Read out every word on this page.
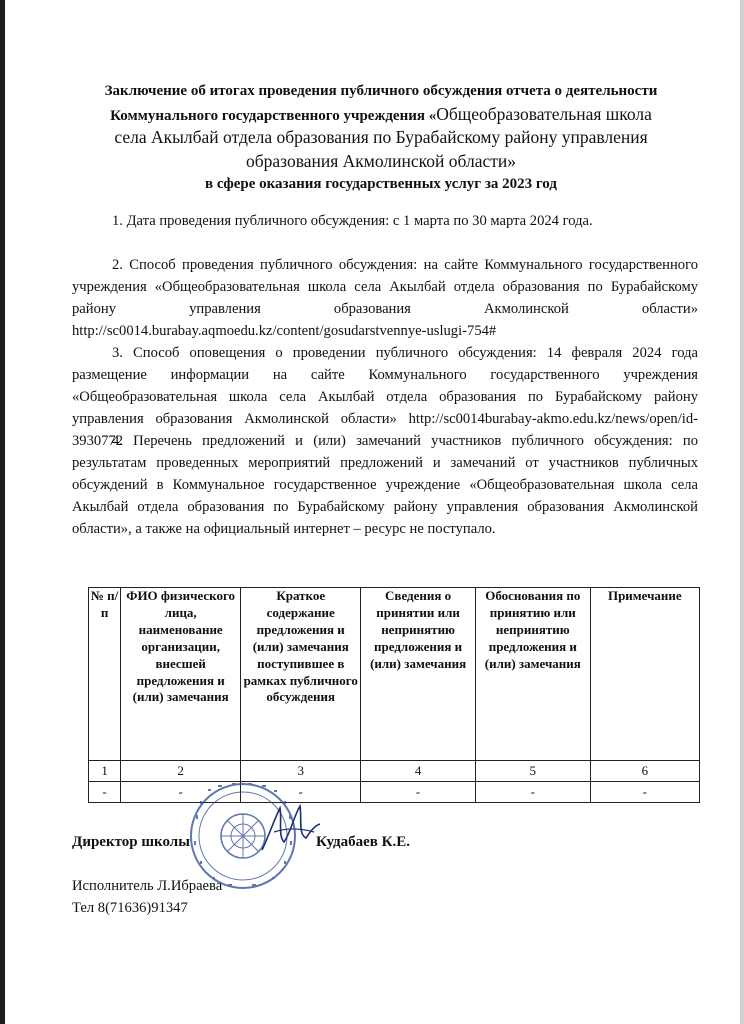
Заключение об итогах проведения публичного обсуждения отчета о деятельности
Коммунального государственного учреждения «Общеобразовательная школа
села Акылбай отдела образования по Бурабайскому району управления
образования Акмолинской области»
в сфере оказания государственных услуг за 2023 год

1. Дата проведения публичного обсуждения: с 1 марта по 30 марта 2024 года.

2. Способ проведения публичного обсуждения: на сайте Коммунального государственного учреждения «Общеобразовательная школа села Акылбай отдела образования по Бурабайскому району управления образования Акмолинской области» http://sc0014.burabay.aqmoedu.kz/content/gosudarstvennye-uslugi-754#

3. Способ оповещения о проведении публичного обсуждения: 14 февраля 2024 года размещение информации на сайте Коммунального государственного учреждения «Общеобразовательная школа села Акылбай отдела образования по Бурабайскому району управления образования Акмолинской области» http://sc0014burabay-akmo.edu.kz/news/open/id-3930772

4. Перечень предложений и (или) замечаний участников публичного обсуждения: по результатам проведенных мероприятий предложений и замечаний от участников публичных обсуждений в Коммунальное государственное учреждение «Общеобразовательная школа села Акылбай отдела образования по Бурабайскому району управления образования Акмолинской области», а также на официальный интернет – ресурс не поступало.

№ п/п	ФИО физического лица, наименование организации, внесшей предложения и (или) замечания	Краткое содержание предложения и (или) замечания поступившее в рамках публичного обсуждения	Сведения о принятии или непринятию предложения и (или) замечания	Обоснования по принятию или непринятию предложения и (или) замечания	Примечание
1	2	3	4	5	6
-	-	-	-	-	-
Директор школы	Кудабаев К.Е.
Исполнитель Л.Ибраева
Тел 8(71636)91347
